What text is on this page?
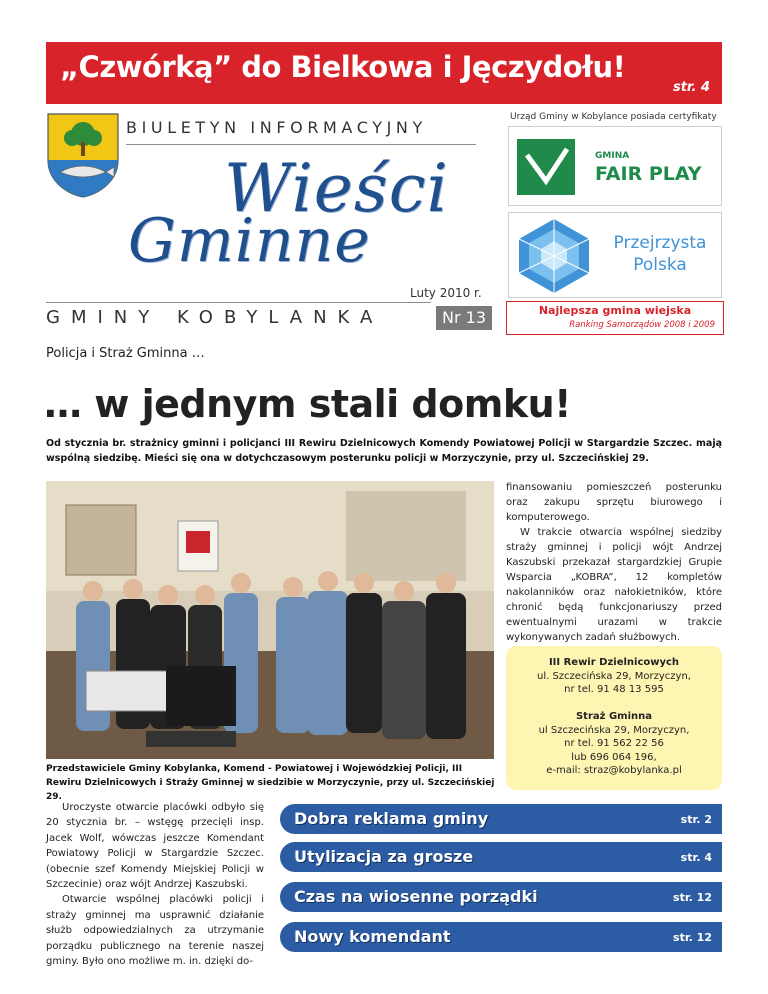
„Czwórką” do Bielkowa i Jęczydołu!
str. 4
BIULETYN INFORMACYJNY
Wieści
Gminne
Luty 2010 r.
GMINY KOBYLANKA	Nr 13
Urząd Gminy w Kobylance posiada certyfikaty
GMINA
FAIR PLAY
Przejrzysta
Polska
Najlepsza gmina wiejska
Ranking Samorządów 2008 i 2009
Policja i Straż Gminna …
… w jednym stali domku!
Od stycznia br. strażnicy gminni i policjanci III Rewiru Dzielnicowych Komendy Powiatowej Policji w Stargardzie Szczec. mają wspólną siedzibę. Mieści się ona w dotychczasowym posterunku policji w Morzyczynie, przy ul. Szczecińskiej 29.
Przedstawiciele Gminy Kobylanka, Komend - Powiatowej i Wojewódzkiej Policji, III Rewiru Dzielnicowych i Straży Gminnej w siedzibie w Morzyczynie, przy ul. Szczecińskiej 29.

finansowaniu pomieszczeń posterunku oraz zakupu sprzętu biurowego i komputerowego.

W trakcie otwarcia wspólnej siedziby straży gminnej i policji wójt Andrzej Kaszubski przekazał stargardzkiej Grupie Wsparcia „KOBRA”, 12 kompletów nakolanników oraz nałokietników, które chronić będą funkcjonariuszy przed ewentualnymi urazami w trakcie wykonywanych zadań służbowych.

III Rewir Dzielnicowych
ul. Szczecińska 29, Morzyczyn,
nr tel. 91 48 13 595
Straż Gminna
ul Szczecińska 29, Morzyczyn,
nr tel. 91 562 22 56
lub 696 064 196,
e-mail: straz@kobylanka.pl

Uroczyste otwarcie placówki odbyło się 20 stycznia br. – wstęgę przecięli insp. Jacek Wolf, wówczas jeszcze Komendant Powiatowy Policji w Stargardzie Szczec. (obecnie szef Komendy Miejskiej Policji w Szczecinie) oraz wójt Andrzej Kaszubski.

Otwarcie wspólnej placówki policji i straży gminnej ma usprawnić działanie służb odpowiedzialnych za utrzymanie porządku publicznego na terenie naszej gminy. Było ono możliwe m. in. dzięki do-

Dobra reklama gminy	str. 2
Utylizacja za grosze	str. 4
Czas na wiosenne porządki	str. 12
Nowy komendant	str. 12
